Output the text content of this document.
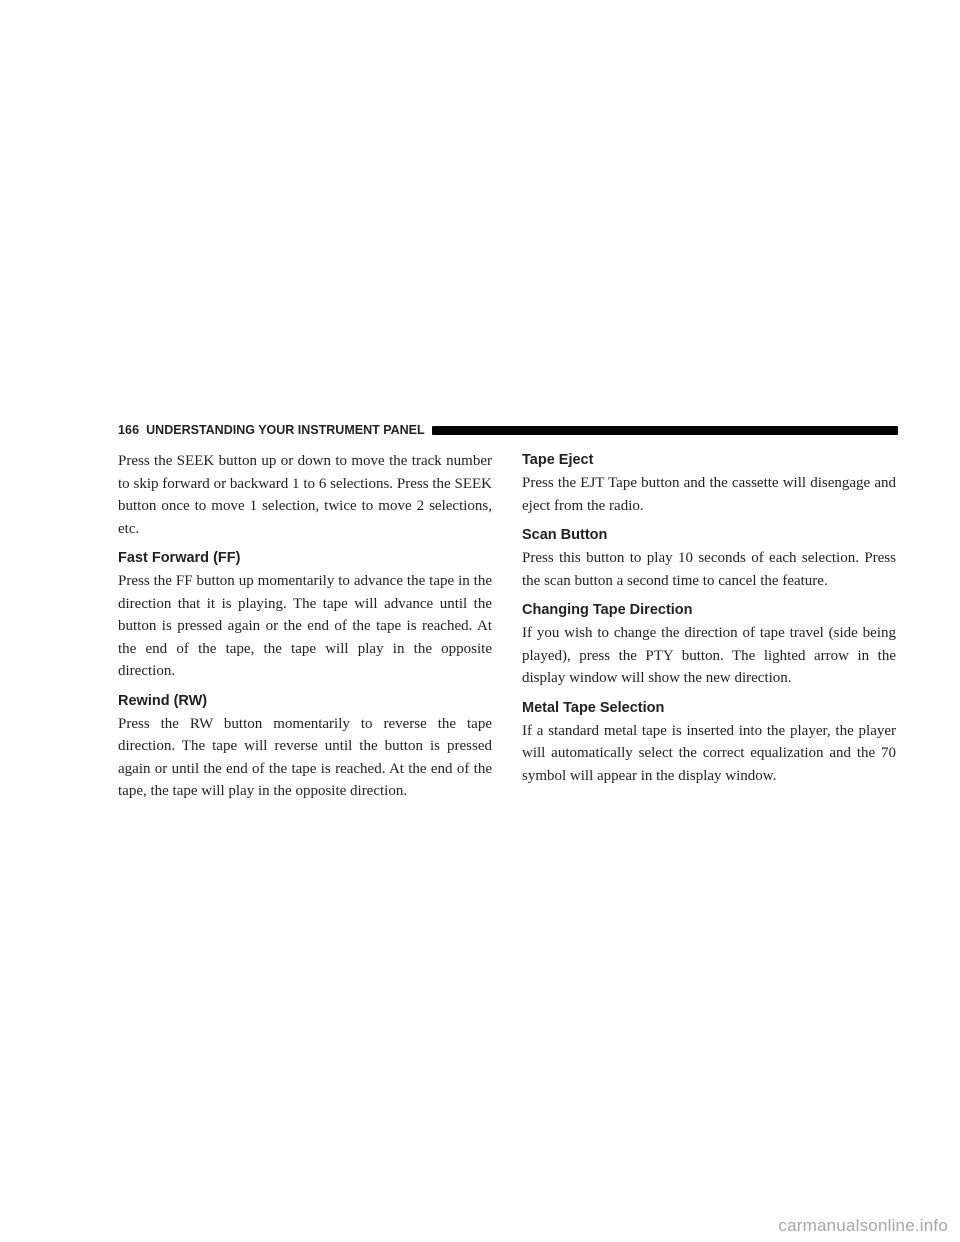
166 UNDERSTANDING YOUR INSTRUMENT PANEL

Press the SEEK button up or down to move the track number to skip forward or backward 1 to 6 selections. Press the SEEK button once to move 1 selection, twice to move 2 selections, etc.

Fast Forward (FF)

Press the FF button up momentarily to advance the tape in the direction that it is playing. The tape will advance until the button is pressed again or the end of the tape is reached. At the end of the tape, the tape will play in the opposite direction.

Rewind (RW)

Press the RW button momentarily to reverse the tape direction. The tape will reverse until the button is pressed again or until the end of the tape is reached. At the end of the tape, the tape will play in the opposite direction.

Tape Eject

Press the EJT Tape button and the cassette will disengage and eject from the radio.

Scan Button

Press this button to play 10 seconds of each selection. Press the scan button a second time to cancel the feature.

Changing Tape Direction

If you wish to change the direction of tape travel (side being played), press the PTY button. The lighted arrow in the display window will show the new direction.

Metal Tape Selection

If a standard metal tape is inserted into the player, the player will automatically select the correct equalization and the 70 symbol will appear in the display window.

carmanualsonline.info
